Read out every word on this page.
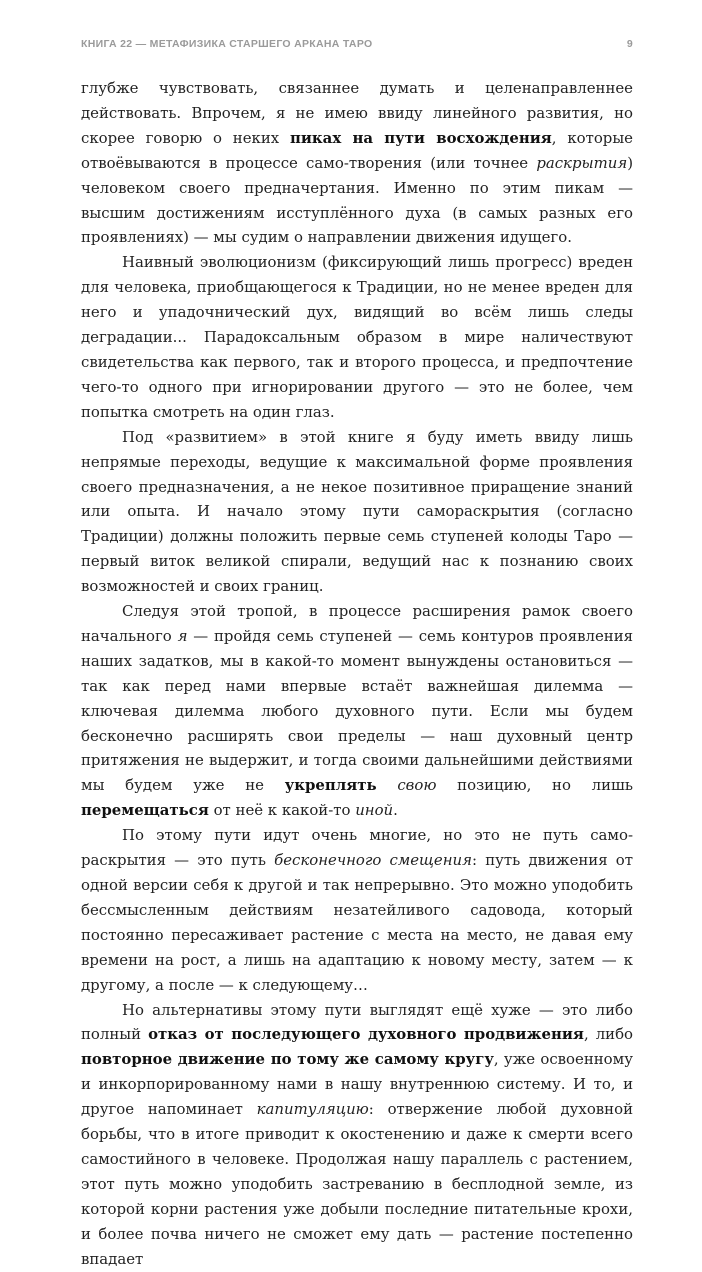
КНИГА 22 — МЕТАФИЗИКА СТАРШЕГО АРКАНА ТАРО	9

глубже чувствовать, связаннее думать и целенаправленнее действовать. Впрочем, я не имею ввиду линейного развития, но скорее говорю о неких пиках на пути восхождения, которые отвоёвываются в процессе само-творения (или точнее раскрытия) человеком своего предначертания. Именно по этим пикам — высшим достижениям исступлённого духа (в самых разных его проявлениях) — мы судим о направлении движения идущего.

Наивный эволюционизм (фиксирующий лишь прогресс) вреден для человека, приобщающегося к Традиции, но не менее вреден для него и упадочнический дух, видящий во всём лишь следы деградации... Парадоксальным образом в мире наличествуют свидетельства как первого, так и второго процесса, и предпочтение чего-то одного при игнорировании другого — это не более, чем попытка смотреть на один глаз.

Под «развитием» в этой книге я буду иметь ввиду лишь непрямые переходы, ведущие к максимальной форме проявления своего предназначения, а не некое позитивное приращение знаний или опыта. И начало этому пути самораскрытия (согласно Традиции) должны положить первые семь ступеней колоды Таро — первый виток великой спирали, ведущий нас к познанию своих возможностей и своих границ.

Следуя этой тропой, в процессе расширения рамок своего начального я — пройдя семь ступеней — семь контуров проявления наших задатков, мы в какой-то момент вынуждены остановиться — так как перед нами впервые встаёт важнейшая дилемма — ключевая дилемма любого духовного пути. Если мы будем бесконечно расширять свои пределы — наш духовный центр притяжения не выдержит, и тогда своими дальнейшими действиями мы будем уже не укреплять свою позицию, но лишь перемещаться от неё к какой-то иной.

По этому пути идут очень многие, но это не путь само-раскрытия — это путь бесконечного смещения: путь движения от одной версии себя к другой и так непрерывно. Это можно уподобить бессмысленным действиям незатейливого садовода, который постоянно пересаживает растение с места на место, не давая ему времени на рост, а лишь на адаптацию к новому месту, затем — к другому, а после — к следующему…

Но альтернативы этому пути выглядят ещё хуже — это либо полный отказ от последующего духовного продвижения, либо повторное движение по тому же самому кругу, уже освоенному и инкорпорированному нами в нашу внутреннюю систему. И то, и другое напоминает капитуляцию: отвержение любой духовной борьбы, что в итоге приводит к окостенению и даже к смерти всего самостийного в человеке. Продолжая нашу параллель с растением, этот путь можно уподобить застреванию в бесплодной земле, из которой корни растения уже добыли последние питательные крохи, и более почва ничего не сможет ему дать — растение постепенно впадает
